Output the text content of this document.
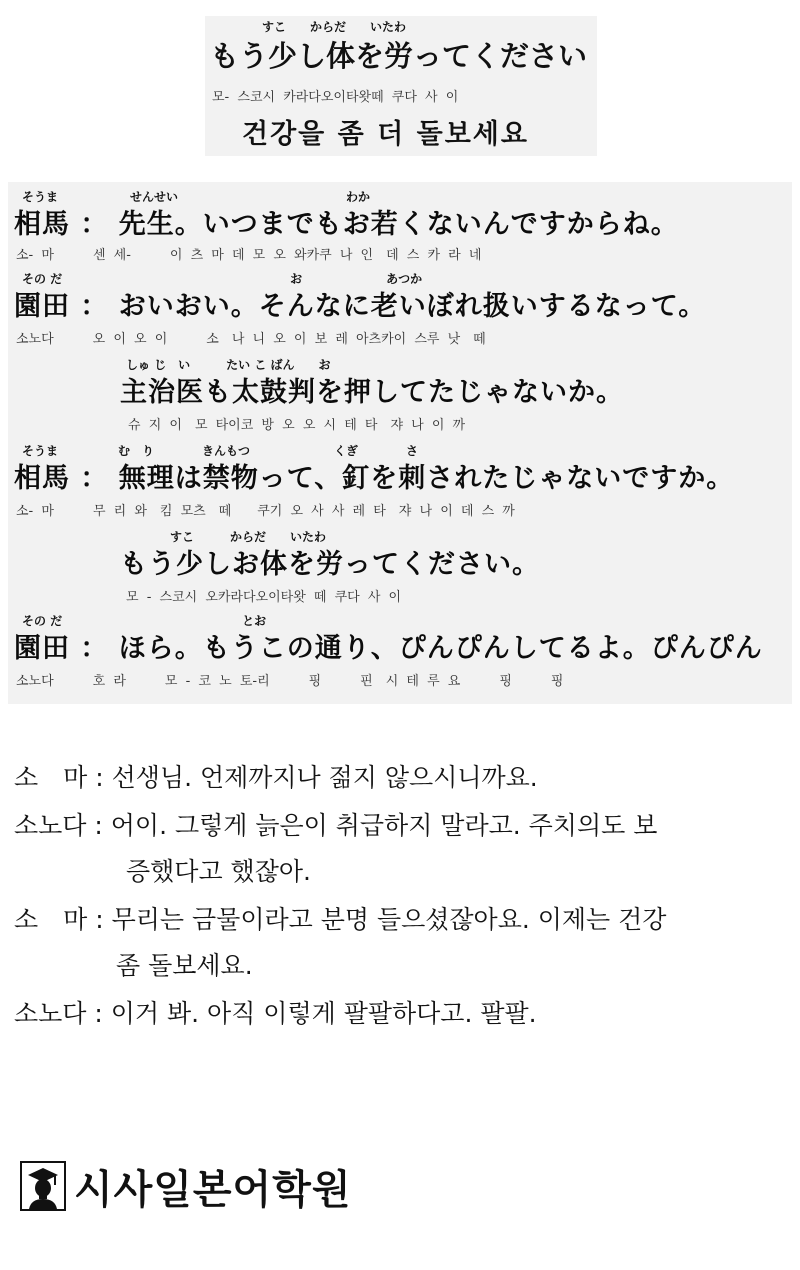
すこ　　からだ　　いたわ
もう少し体を労ってください
모- 스코시 카라다오이타왓떼 쿠다 사 이
건강을 좀 더 돌보세요
そうま　　　　　　せんせい　　　　　　　　　　　　　　わか
相馬 ： 先生。いつまでもお若くないんですからね。
소- 마　　　센 세-　　　이 츠 마 데 모 오 와카쿠 나 인　데 스 카 라 네
その だ　　　　　　　　　　　　　　　　　　　お　　　　　　　あつか
園田 ： おいおい。そんなに老いぼれ扱いするなって。
소노다　　　오 이 오 이　　　소　나 니 오 이 보 레 아츠카이 스루 낫　떼
しゅ じ　い　　　たい こ ばん　　お
主治医も太鼓判を押してたじゃないか。
슈 지 이　모 타이코 방 오 오 시 테 타　쟈 나 이 까
そうま　　　　　む　り　　　　きんもつ　　　　　　　くぎ　　　　さ
相馬 ： 無理は禁物って、釘を刺されたじゃないですか。
소- 마　　　무 리 와　킴 모츠　떼　　쿠기 오 사 사 레 타　쟈 나 이 데 스 까
すこ　　　からだ　　いたわ
もう少しお体を労ってください。
모 - 스코시 오카라다오이타왓 떼 쿠다 사 이
その だ　　　　　　　　　　　　　　　とお
園田 ： ほら。もうこの通り、ぴんぴんしてるよ。ぴんぴん
소노다　　　호 라　　　모 - 코 노 토-리　　　핑　　　핀　시 테 루 요　　　핑　　　핑
소　마 : 선생님. 언제까지나 젊지 않으시니까요.
소노다 : 어이. 그렇게 늙은이 취급하지 말라고. 주치의도 보
증했다고 했잖아.
소　마 : 무리는 금물이라고 분명 들으셨잖아요. 이제는 건강
좀 돌보세요.
소노다 : 이거 봐. 아직 이렇게 팔팔하다고. 팔팔.
시사일본어학원
